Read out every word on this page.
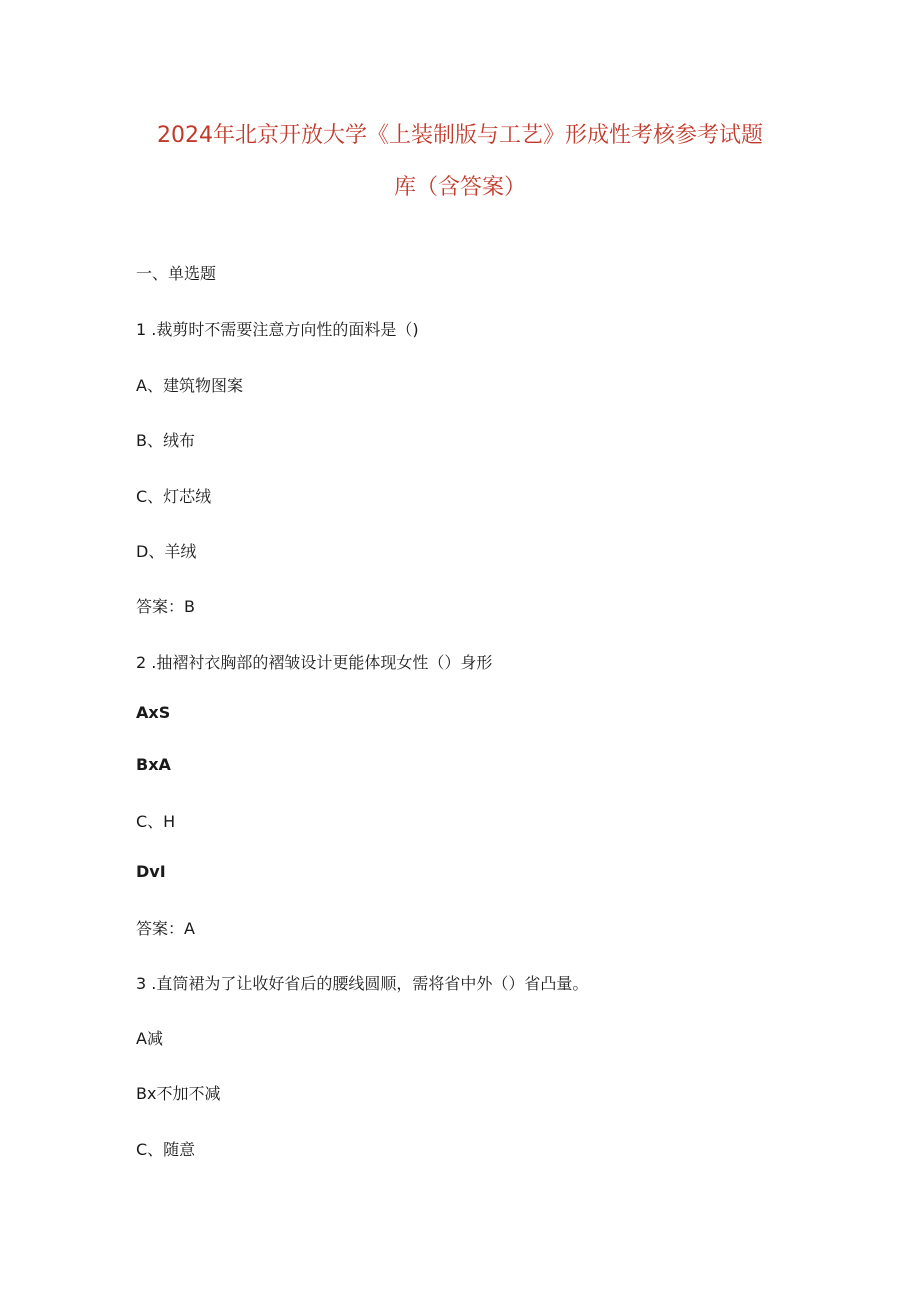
2024年北京开放大学《上装制版与工艺》形成性考核参考试题
库（含答案）
一、单选题
1 .裁剪时不需要注意方向性的面料是（)
A、建筑物图案
B、绒布
C、灯芯绒
D、羊绒
答案：B
2 .抽褶衬衣胸部的褶皱设计更能体现女性（）身形
AxS
BxA
C、H
DvI
答案：A
3 .直筒裙为了让收好省后的腰线圆顺，需将省中外（）省凸量。
A减
Bx不加不减
C、随意
